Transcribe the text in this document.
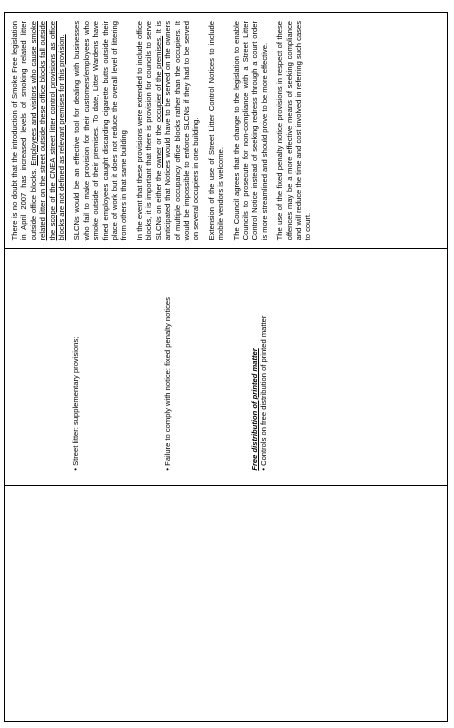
• Street litter: supplementary provisions;	• Failure to comply with notice: fixed penalty notices	Free distribution of printed matter • Controls on free distribution of printed matter

There is no doubt that the introduction of Smoke Free legislation in April 2007 has increased levels of smoking related litter outside office blocks. Employees and visitors who cause smoke related litter on the street outside these office blocks fall outside the scope of the CNEA street litter control provisions as office blocks are not defined as relevant premises for this provision. SLCNs would be an effective tool for dealing with businesses who fail to make provision for their customers/employees who smoke outside of their premises. To date, Litter Wardens have fined employees caught discarding cigarette butts outside their place of work but it does not reduce the overall level of littering from others in that same building In the event that these provisions were extended to include office blocks, it is important that there is provision for councils to serve SLCNs on either the owner or the occupier of the premises. It is anticipated that Notices would have to be served on the owners of multiple occupancy office blocks rather than the occupiers. It would be impossible to enforce SLCNs if they had to be served on several occupiers in one building. Extension of the use of Street Litter Control Notices to include mobile vendors is welcome. The Council agrees that the change to the legislation to enable Councils to prosecute for non-compliance with a Street Litter Control Notice instead of seeking redress through a court order is more streamlined and should prove to be more effective. The use of the fixed penalty notice provisions in respect of these offences may be a more effective means of seeking compliance and will reduce the time and cost involved in referring such cases to court.
